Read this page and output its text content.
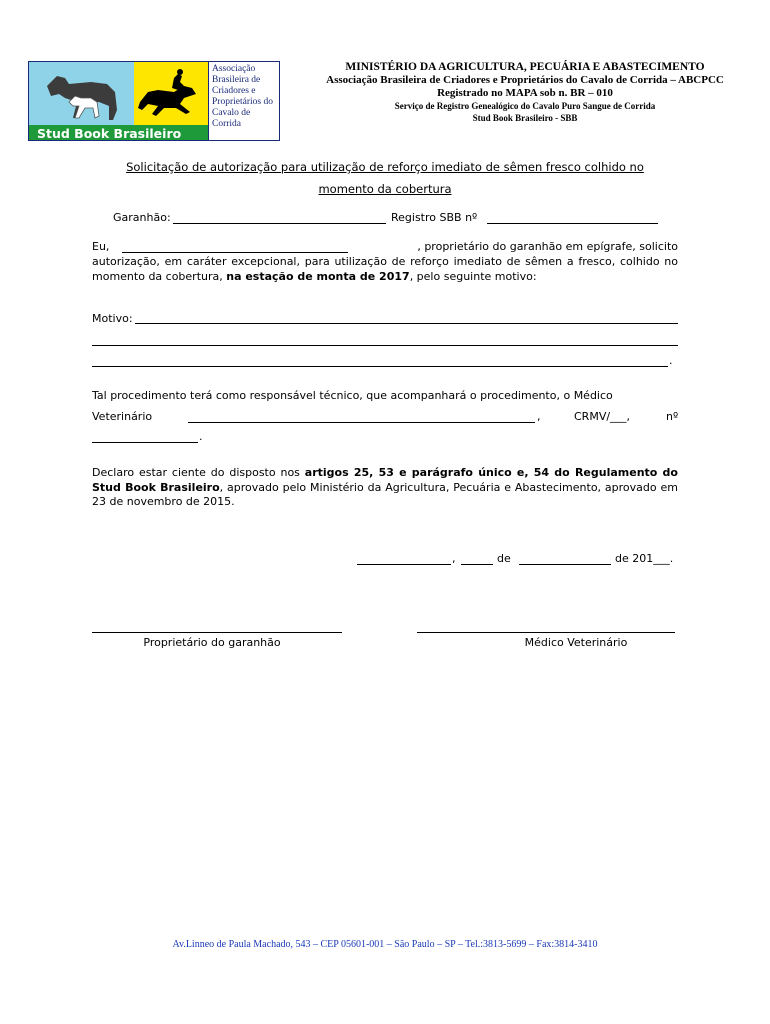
Stud Book Brasileiro
Associação
Brasileira de
Criadores e
Proprietários do
Cavalo de
Corrida
MINISTÉRIO DA AGRICULTURA, PECUÁRIA E ABASTECIMENTO
Associação Brasileira de Criadores e Proprietários do Cavalo de Corrida – ABCPCC
Registrado no MAPA sob n. BR – 010
Serviço de Registro Genealógico do Cavalo Puro Sangue de Corrida
Stud Book Brasileiro - SBB
Solicitação de autorização para utilização de reforço imediato de sêmen fresco colhido no
momento da cobertura
Garanhão:	Registro SBB nº
Eu,	, proprietário do garanhão em epígrafe, solicito
autorização, em caráter excepcional, para utilização de reforço imediato de sêmen a fresco, colhido no momento da cobertura, na estação de monta de 2017, pelo seguinte motivo:
Motivo:
.
Tal procedimento terá como responsável técnico, que acompanhará o procedimento, o Médico
Veterinário	,	CRMV/___,	nº
.
Declaro estar ciente do disposto nos artigos 25, 53 e parágrafo único e, 54 do Regulamento do Stud Book Brasileiro, aprovado pelo Ministério da Agricultura, Pecuária e Abastecimento, aprovado em 23 de novembro de 2015.
,	de	de 201___.
Proprietário do garanhão	Médico Veterinário
Av.Linneo de Paula Machado, 543 – CEP 05601-001 – São Paulo – SP – Tel.:3813-5699 – Fax:3814-3410
